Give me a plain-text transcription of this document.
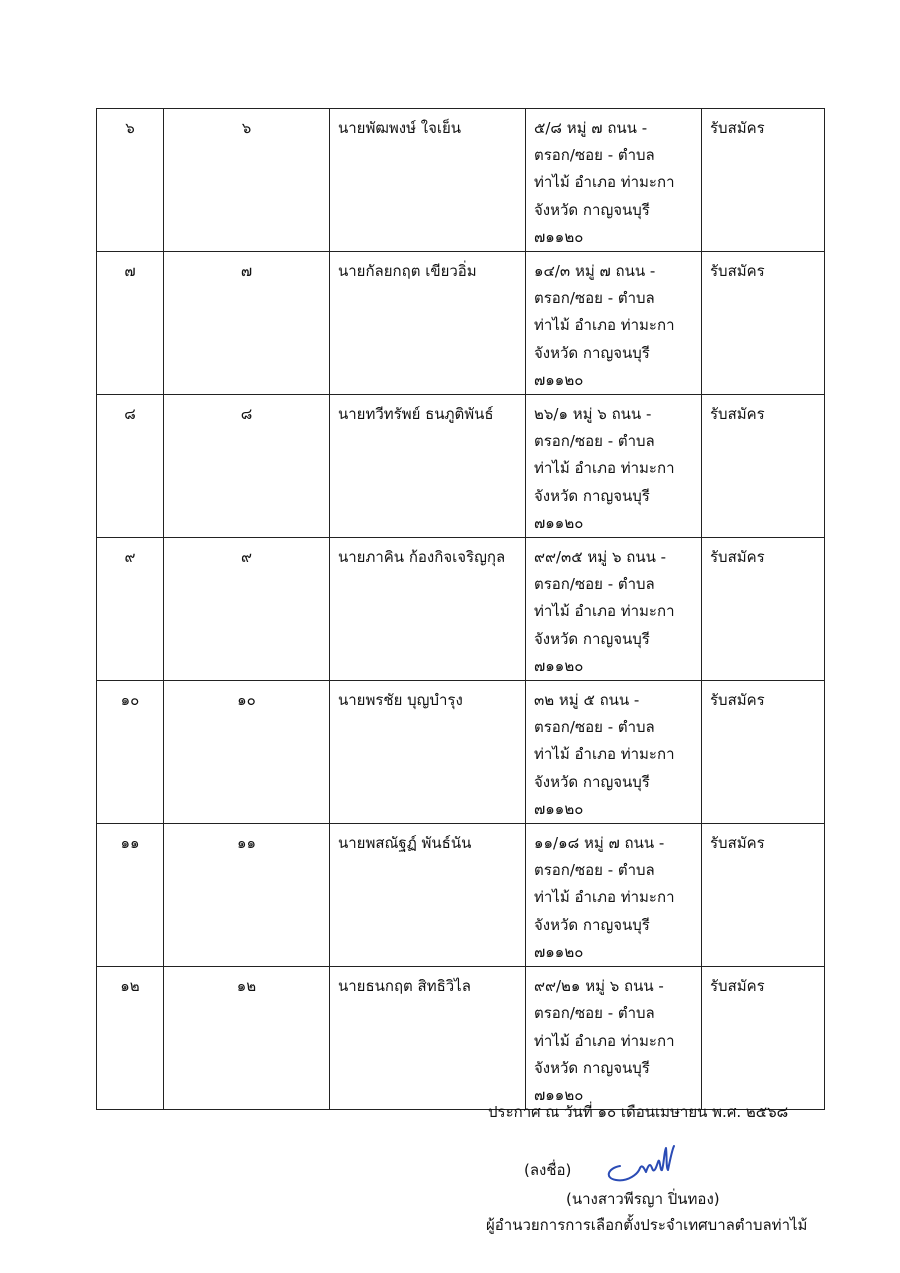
๖	๖	นายพัฒพงษ์ ใจเย็น	๕/๘ หมู่ ๗ ถนน -
ตรอก/ซอย - ตำบล
ท่าไม้ อำเภอ ท่ามะกา
จังหวัด กาญจนบุรี
๗๑๑๒๐	รับสมัคร
๗	๗	นายกัลยกฤต เขียวอิ่ม	๑๔/๓ หมู่ ๗ ถนน -
ตรอก/ซอย - ตำบล
ท่าไม้ อำเภอ ท่ามะกา
จังหวัด กาญจนบุรี
๗๑๑๒๐	รับสมัคร
๘	๘	นายทวีทรัพย์ ธนภูติพันธ์	๒๖/๑ หมู่ ๖ ถนน -
ตรอก/ซอย - ตำบล
ท่าไม้ อำเภอ ท่ามะกา
จังหวัด กาญจนบุรี
๗๑๑๒๐	รับสมัคร
๙	๙	นายภาคิน ก้องกิจเจริญกุล	๙๙/๓๕ หมู่ ๖ ถนน -
ตรอก/ซอย - ตำบล
ท่าไม้ อำเภอ ท่ามะกา
จังหวัด กาญจนบุรี
๗๑๑๒๐	รับสมัคร
๑๐	๑๐	นายพรชัย บุญบำรุง	๓๒ หมู่ ๕ ถนน -
ตรอก/ซอย - ตำบล
ท่าไม้ อำเภอ ท่ามะกา
จังหวัด กาญจนบุรี
๗๑๑๒๐	รับสมัคร
๑๑	๑๑	นายพสณัฐฏ์ พันธ์นัน	๑๑/๑๘ หมู่ ๗ ถนน -
ตรอก/ซอย - ตำบล
ท่าไม้ อำเภอ ท่ามะกา
จังหวัด กาญจนบุรี
๗๑๑๒๐	รับสมัคร
๑๒	๑๒	นายธนกฤต สิทธิวิไล	๙๙/๒๑ หมู่ ๖ ถนน -
ตรอก/ซอย - ตำบล
ท่าไม้ อำเภอ ท่ามะกา
จังหวัด กาญจนบุรี
๗๑๑๒๐	รับสมัคร
ประกาศ ณ วันที่ ๑๐ เดือนเมษายน พ.ศ. ๒๕๖๘
(ลงชื่อ)
(นางสาวพีรญา ปิ่นทอง)
ผู้อำนวยการการเลือกตั้งประจำเทศบาลตำบลท่าไม้
